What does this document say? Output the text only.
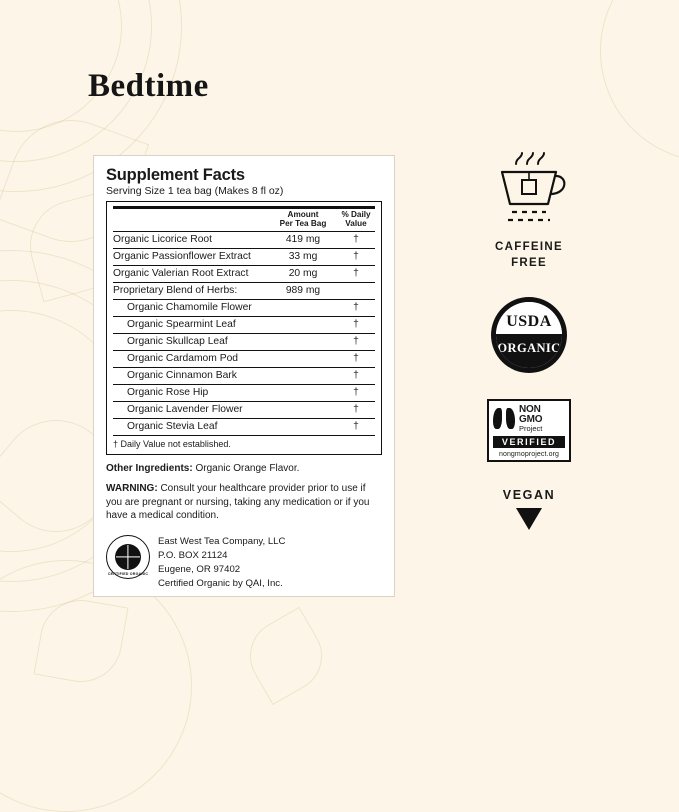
Bedtime
Supplement Facts
Serving Size 1 tea bag (Makes 8 fl oz)

Amount
Per Tea Bag

% Daily
Value

Organic Licorice Root	419 mg	†
Organic Passionflower Extract	33 mg	†
Organic Valerian Root Extract	20 mg	†
Proprietary Blend of Herbs:	989 mg	
Organic Chamomile Flower		†
Organic Spearmint Leaf		†
Organic Skullcap Leaf		†
Organic Cardamom Pod		†
Organic Cinnamon Bark		†
Organic Rose Hip		†
Organic Lavender Flower		†
Organic Stevia Leaf		†
† Daily Value not established.
Other Ingredients: Organic Orange Flavor.
WARNING: Consult your healthcare provider prior to use if you are pregnant or nursing, taking any medication or if you have a medical condition.
CERTIFIED ORGANIC
East West Tea Company, LLC
P.O. BOX 21124
Eugene, OR 97402
Certified Organic by QAI, Inc.
CAFFEINE
FREE
USDA
ORGANIC
NON
GMO
Project
VERIFIED
nongmoproject.org
VEGAN
